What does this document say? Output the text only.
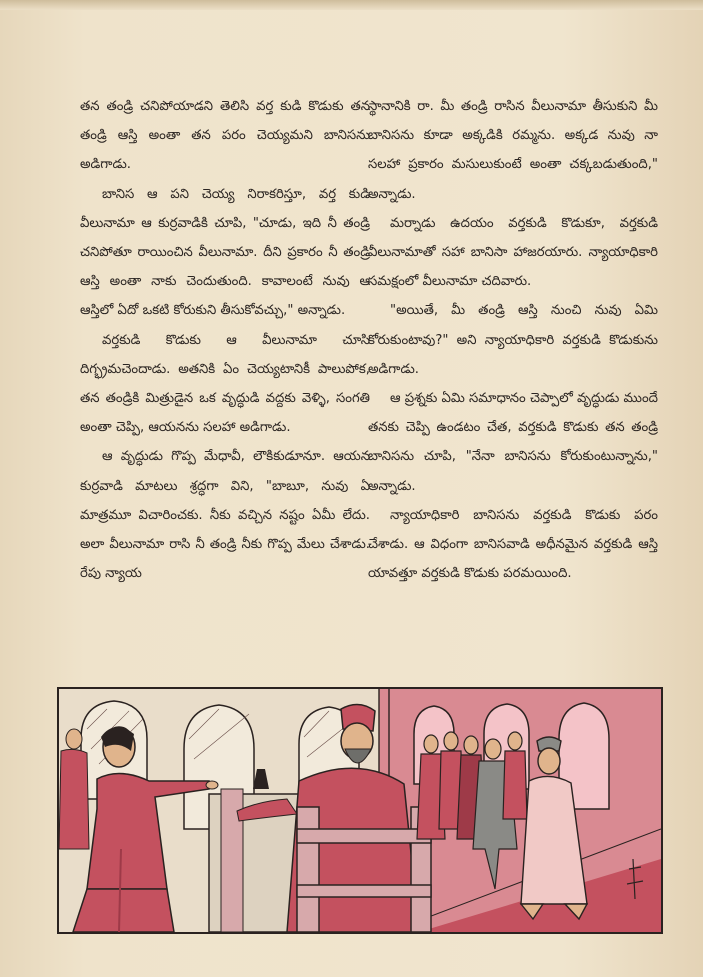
తన తండ్రి చనిపోయాడని తెలిసి వర్త కుడి కొడుకు తన తండ్రి ఆస్తి అంతా తన పరం చెయ్యమని బానిసను అడిగాడు.

బానిస ఆ పని చెయ్య నిరాకరిస్తూ, వర్త కుడి వీలునామా ఆ కుర్రవాడికి చూపి, "చూడు, ఇది నీ తండ్రి చనిపోతూ రాయించిన వీలునామా. దీని ప్రకారం నీ తండ్రి ఆస్తి అంతా నాకు చెందుతుంది. కావాలంటే నువు ఆ ఆస్తిలో ఏదో ఒకటి కోరుకుని తీసుకోవచ్చు," అన్నాడు.

వర్తకుడి కొడుకు ఆ వీలునామా చూసి దిగ్భ్రమచెందాడు. అతనికి ఏం చెయ్యటానికీ పాలుపోక, తన తండ్రికి మిత్రుడైన ఒక వృద్ధుడి వద్దకు వెళ్ళి, సంగతి అంతా చెప్పి, ఆయనను సలహా అడిగాడు.

ఆ వృద్ధుడు గొప్ప మేధావీ, లౌకికుడూనూ. ఆయన కుర్రవాడి మాటలు శ్రద్ధగా విని, "బాబూ, నువు ఏ మాత్రమూ విచారించకు. నీకు వచ్చిన నష్టం ఏమీ లేదు. అలా వీలునామా రాసి నీ తండ్రి నీకు గొప్ప మేలు చేశాడు. రేపు న్యాయ

స్థానానికి రా. మీ తండ్రి రాసిన వీలునామా తీసుకుని మీ బానిసను కూడా అక్కడికి రమ్మను. అక్కడ నువు నా సలహా ప్రకారం మసులుకుంటే అంతా చక్కబడుతుంది," అన్నాడు.

మర్నాడు ఉదయం వర్తకుడి కొడుకూ, వర్తకుడి వీలునామాతో సహా బానిసా హాజరయారు. న్యాయాధికారి సమక్షంలో వీలునామా చదివారు.

"అయితే, మీ తండ్రి ఆస్తి నుంచి నువు ఏమి కోరుకుంటావు?" అని న్యాయాధికారి వర్తకుడి కొడుకును అడిగాడు.

ఆ ప్రశ్నకు ఏమి సమాధానం చెప్పాలో వృద్ధుడు ముందే తనకు చెప్పి ఉండటం చేత, వర్తకుడి కొడుకు తన తండ్రి బానిసను చూపి, "నేనా బానిసను కోరుకుంటున్నాను," అన్నాడు.

న్యాయాధికారి బానిసను వర్తకుడి కొడుకు పరం చేశాడు. ఆ విధంగా బానిసవాడి అధీనమైన వర్తకుడి ఆస్తి యావత్తూ వర్తకుడి కొడుకు పరమయింది.
